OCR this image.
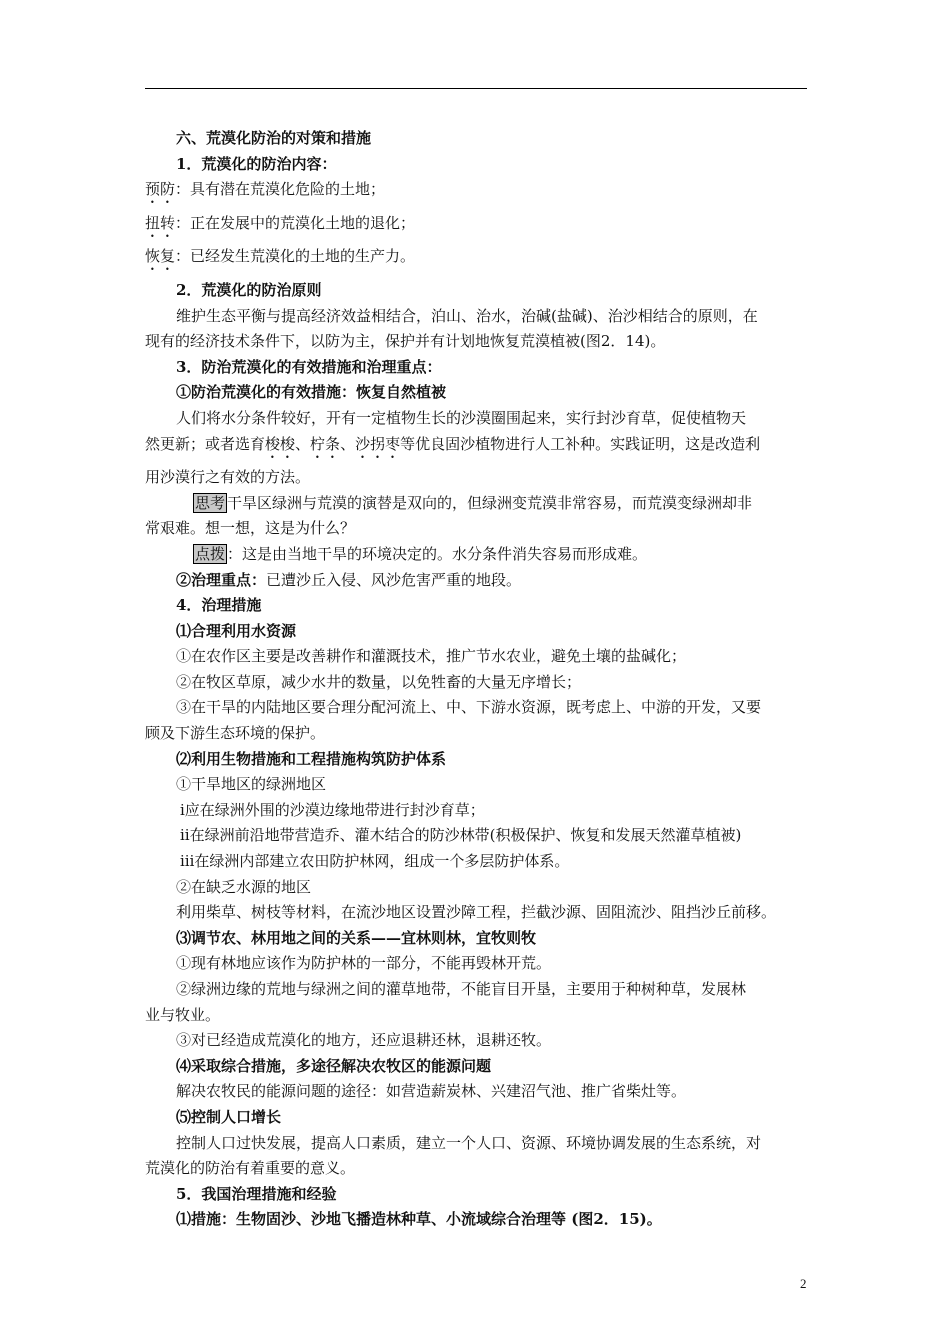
六、荒漠化防治的对策和措施
1．荒漠化的防治内容：
预防：具有潜在荒漠化危险的土地；
扭转：正在发展中的荒漠化土地的退化；
恢复：已经发生荒漠化的土地的生产力。
2．荒漠化的防治原则
维护生态平衡与提高经济效益相结合，泊山、治水，治碱(盐碱)、治沙相结合的原则，在
现有的经济技术条件下，以防为主，保护并有计划地恢复荒漠植被(图2．14)。
3．防治荒漠化的有效措施和治理重点：
①防治荒漠化的有效措施：恢复自然植被
人们将水分条件较好，开有一定植物生长的沙漠圈围起来，实行封沙育草，促使植物天
然更新；或者选育梭梭、柠条、沙拐枣等优良固沙植物进行人工补种。实践证明，这是改造利
用沙漠行之有效的方法。
思考 干旱区绿洲与荒漠的演替是双向的，但绿洲变荒漠非常容易，而荒漠变绿洲却非
常艰难。想一想，这是为什么？
点拨 ：这是由当地干旱的环境决定的。水分条件消失容易而形成难。
②治理重点：已遭沙丘入侵、风沙危害严重的地段。
4．治理措施
⑴合理利用水资源
①在农作区主要是改善耕作和灌溉技术，推广节水农业，避免土壤的盐碱化；
②在牧区草原，减少水井的数量，以免牲畜的大量无序增长；
③在干旱的内陆地区要合理分配河流上、中、下游水资源，既考虑上、中游的开发，又要
顾及下游生态环境的保护。
⑵利用生物措施和工程措施构筑防护体系
①干旱地区的绿洲地区
ⅰ应在绿洲外围的沙漠边缘地带进行封沙育草；
ⅱ在绿洲前沿地带营造乔、灌木结合的防沙林带(积极保护、恢复和发展天然灌草植被)
ⅲ在绿洲内部建立农田防护林网，组成一个多层防护体系。
②在缺乏水源的地区
利用柴草、树枝等材料，在流沙地区设置沙障工程，拦截沙源、固阻流沙、阻挡沙丘前移。
⑶调节农、林用地之间的关系——宜林则林，宜牧则牧
①现有林地应该作为防护林的一部分，不能再毁林开荒。
②绿洲边缘的荒地与绿洲之间的灌草地带，不能盲目开垦，主要用于种树种草，发展林
业与牧业。
③对已经造成荒漠化的地方，还应退耕还林，退耕还牧。
⑷采取综合措施，多途径解决农牧区的能源问题
解决农牧民的能源问题的途径：如营造薪炭林、兴建沼气池、推广省柴灶等。
⑸控制人口增长
控制人口过快发展，提高人口素质，建立一个人口、资源、环境协调发展的生态系统，对
荒漠化的防治有着重要的意义。
5．我国治理措施和经验
⑴措施：生物固沙、沙地飞播造林种草、小流域综合治理等 (图2．15)。
2
